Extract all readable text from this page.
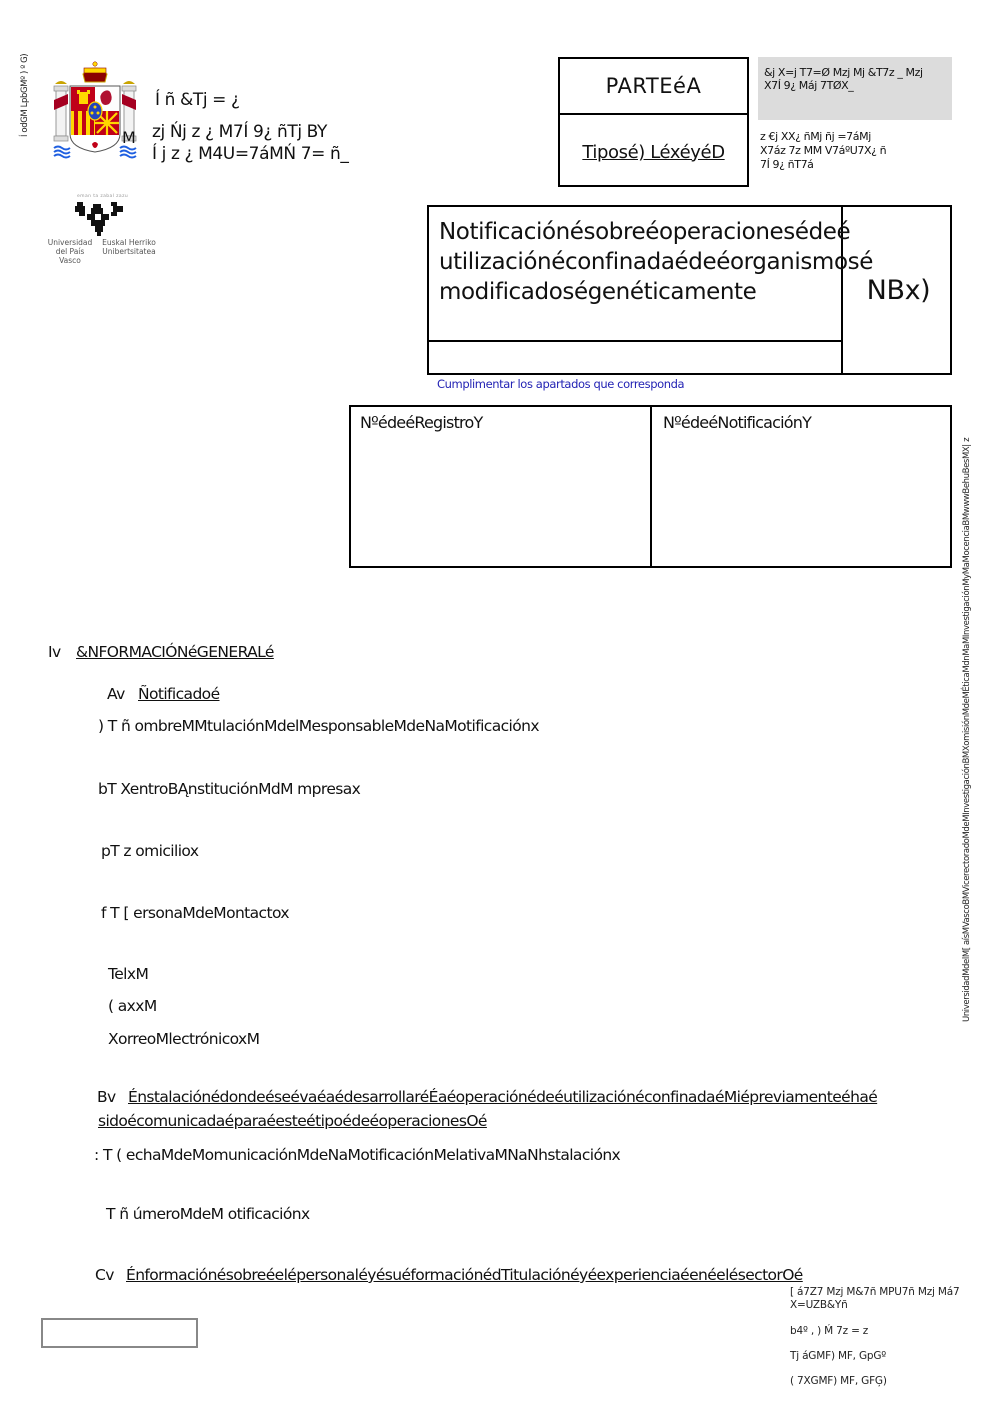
Í odGM LpbGMº ) º G)	Í ñ &Tj = ¿
M zj Ńj z ¿ M7Í 9¿ ñTj BY
Í j z ¿ M4U=7áMŃ 7= ñ_
eman ta zabal zazu
Universidad
del País Vasco
Euskal Herriko
Unibertsitatea
PARTEéA
Tiposé) LéxéyéD
&j X=j T7=Ø Mzj Mj &T7z _ Mzj
X7Í 9¿ Máj 7TØX_
z €j XX¿ ñMj ñj =7áMj
X7áz 7z MM V7áºU7X¿ ñ
7Í 9¿ ñT7á
Notificaciónésobreéoperacionesédeé
utilizaciónéconfinadaédeéorganismosé
modificadoségenéticamente	NBx)
Cumplimentar los apartados que corresponda
NºédeéRegistroY	NºédeéNotificaciónY
Iv &NFORMACIÓNéGENERALé
Av Ñotificadoé
) T ñ ombreMMtulaciónMdelMesponsableMdeNaMotificaciónx
bT XentroBĄnstituciónMdM mpresax
pT z omiciliox
f T [ ersonaMdeMontactox
TelxM
( axxM
XorreoMlectrónicoxM
Bv ÉnstalaciónédondeéseévaéaédesarrollaréÉaéoperaciónédeéutilizaciónéconfinadaéMiépreviamenteéhaé
sidoécomunicadaéparaéesteétipoédeéoperacionesOé
: T ( echaMdeMomunicaciónMdeNaMotificaciónMelativaMNaNhstalaciónx
T ñ úmeroMdeM otificaciónx
Cv ÉnformaciónésobreéelépersonaléyésuéformaciónédTitulaciónéyéexperienciaéenéelésectorOé
[ á7Z7 Mzj M&7ñ MPU7ñ Mzj Má7
X=UZB&Yñ
b4º , ) Ḿ 7z = z
Tj áGMF) MF, GpGº
( 7XGMF) MF, GFĢ)
UniversidadMdelM[ aísMVascoBMVicerectoradoMdeMInvestigaciónBMXomisiónMdeMÉticaMdnMaMInvestigaciónMyMaMocenciaBMwwwBehuBesMX| z
